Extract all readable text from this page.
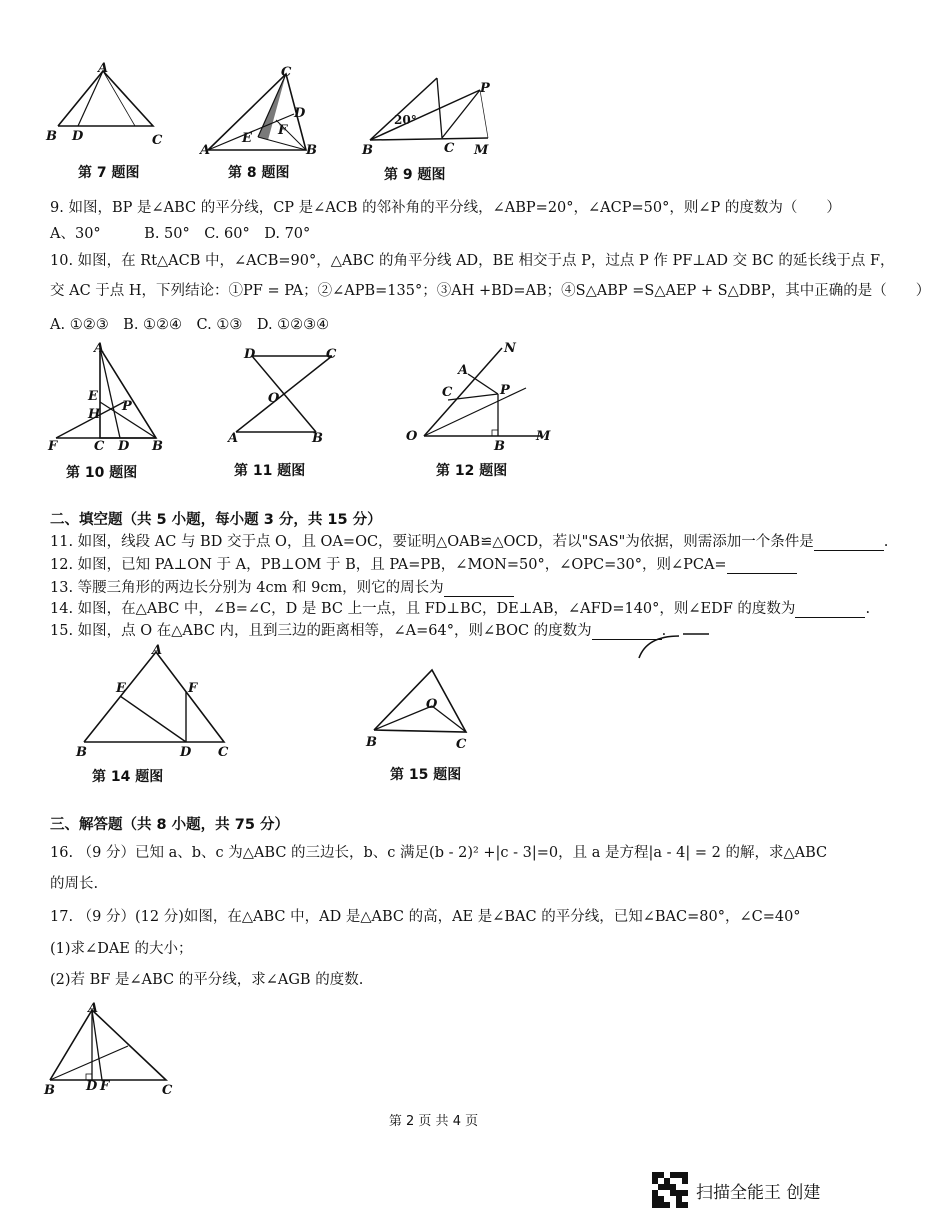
A
B D	C
第 7 题图
C
D
F
E
A	B
第 8 题图
20°
P
B	C M
第 9 题图
9. 如图，BP 是∠ABC 的平分线，CP 是∠ACB 的邻补角的平分线，∠ABP=20°，∠ACP=50°，则∠P 的度数为（　　）
A、30°　　　B. 50°　C. 60°　D. 70°
10. 如图，在 Rt△ACB 中，∠ACB=90°，△ABC 的角平分线 AD，BE 相交于点 P，过点 P 作 PF⊥AD 交 BC 的延长线于点 F，
交 AC 于点 H，下列结论：①PF = PA；②∠APB=135°；③AH +BD=AB；④S△ABP =S△AEP + S△DBP，其中正确的是（　　）
A. ①②③　B. ①②④　C. ①③　D. ①②③④
A
E
H
P
F	C D B
第 10 题图
D	C
O
A	B
第 11 题图
N
A
C	P
O
B
M
第 12 题图
二、填空题（共 5 小题，每小题 3 分，共 15 分）
11. 如图，线段 AC 与 BD 交于点 O，且 OA=OC，要证明△OAB≌△OCD，若以"SAS"为依据，则需添加一个条件是	.
12. 如图，已知 PA⊥ON 于 A，PB⊥OM 于 B，且 PA=PB，∠MON=50°，∠OPC=30°，则∠PCA=
13. 等腰三角形的两边长分别为 4cm 和 9cm，则它的周长为
14. 如图，在△ABC 中，∠B=∠C，D 是 BC 上一点，且 FD⊥BC，DE⊥AB，∠AFD=140°，则∠EDF 的度数为	.
15. 如图，点 O 在△ABC 内，且到三边的距离相等，∠A=64°，则∠BOC 的度数为	.
A
E	F
B	D C
第 14 题图
O
B	C
第 15 题图
三、解答题（共 8 小题，共 75 分）
16. （9 分）已知 a、b、c 为△ABC 的三边长，b、c 满足(b - 2)² +|c - 3|=0，且 a 是方程|a - 4| = 2 的解，求△ABC
的周长.
17. （9 分）(12 分)如图，在△ABC 中，AD 是△ABC 的高，AE 是∠BAC 的平分线，已知∠BAC=80°，∠C=40°
(1)求∠DAE 的大小；
(2)若 BF 是∠ABC 的平分线，求∠AGB 的度数.
A
B D F	C
第 2 页 共 4 页
扫描全能王 创建
